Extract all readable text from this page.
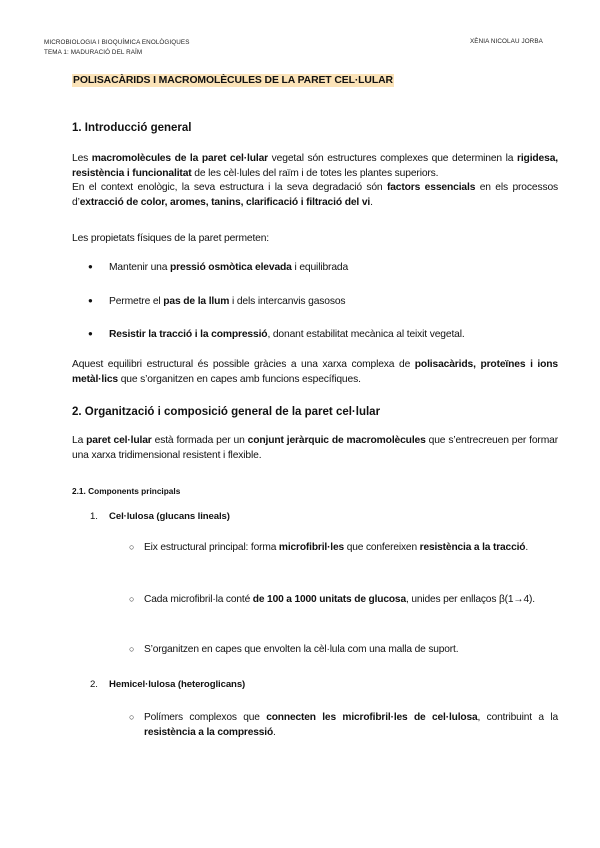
MICROBIOLOGIA I BIOQUÍMICA ENOLÒGIQUES
TEMA 1: MADURACIÓ DEL RAÏM
XÈNIA NICOLAU JORBA
POLISACÀRIDS I MACROMOLÈCULES DE LA PARET CEL·LULAR
1. Introducció general
Les macromolècules de la paret cel·lular vegetal són estructures complexes que determinen la rigidesa, resistència i funcionalitat de les cèl·lules del raïm i de totes les plantes superiors.
En el context enològic, la seva estructura i la seva degradació són factors essencials en els processos d’extracció de color, aromes, tanins, clarificació i filtració del vi.
Les propietats físiques de la paret permeten:
● Mantenir una pressió osmòtica elevada i equilibrada
● Permetre el pas de la llum i dels intercanvis gasosos
● Resistir la tracció i la compressió, donant estabilitat mecànica al teixit vegetal.
Aquest equilibri estructural és possible gràcies a una xarxa complexa de polisacàrids, proteïnes i ions metàl·lics que s’organitzen en capes amb funcions específiques.
2. Organització i composició general de la paret cel·lular
La paret cel·lular està formada per un conjunt jeràrquic de macromolècules que s’entrecreuen per formar una xarxa tridimensional resistent i flexible.
2.1. Components principals
1. Cel·lulosa (glucans lineals)
○ Eix estructural principal: forma microfibril·les que confereixen resistència a la tracció.
○ Cada microfibril·la conté de 100 a 1000 unitats de glucosa, unides per enllaços β(1→4).
○ S’organitzen en capes que envolten la cèl·lula com una malla de suport.
2. Hemicel·lulosa (heteroglicans)
○ Polímers complexos que connecten les microfibril·les de cel·lulosa, contribuint a la resistència a la compressió.
